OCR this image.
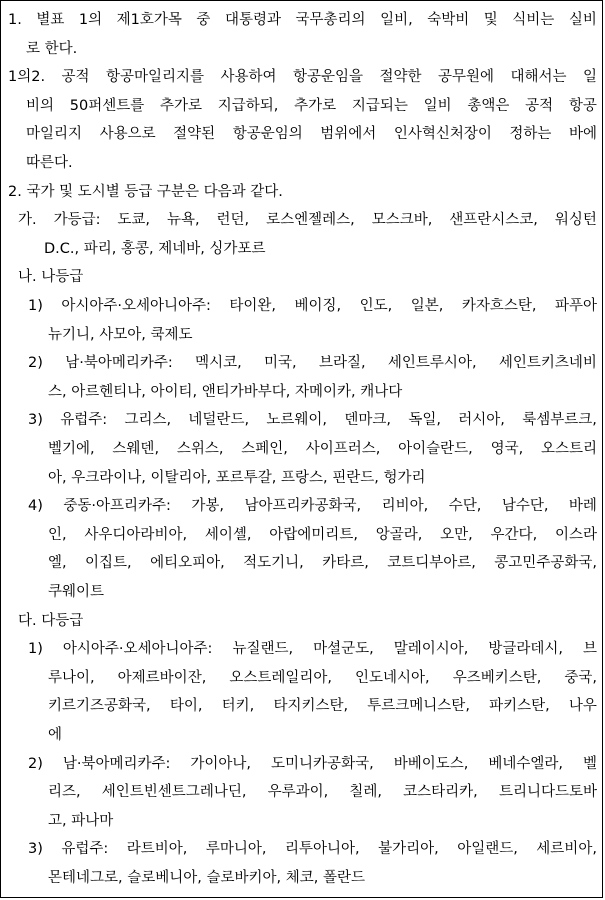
1. 별표 1의 제1호가목 중 대통령과 국무총리의 일비, 숙박비 및 식비는 실비
로 한다.
1의2. 공적 항공마일리지를 사용하여 항공운임을 절약한 공무원에 대해서는 일
비의 50퍼센트를 추가로 지급하되, 추가로 지급되는 일비 총액은 공적 항공
마일리지 사용으로 절약된 항공운임의 범위에서 인사혁신처장이 정하는 바에
따른다.
2. 국가 및 도시별 등급 구분은 다음과 같다.
가. 가등급: 도쿄, 뉴욕, 런던, 로스엔젤레스, 모스크바, 샌프란시스코, 워싱턴
D.C., 파리, 홍콩, 제네바, 싱가포르
나. 나등급
1) 아시아주·오세아니아주: 타이완, 베이징, 인도, 일본, 카자흐스탄, 파푸아
뉴기니, 사모아, 쿡제도
2) 남·북아메리카주: 멕시코, 미국, 브라질, 세인트루시아, 세인트키츠네비
스, 아르헨티나, 아이티, 앤티가바부다, 자메이카, 캐나다
3) 유럽주: 그리스, 네덜란드, 노르웨이, 덴마크, 독일, 러시아, 룩셈부르크,
벨기에, 스웨덴, 스위스, 스페인, 사이프러스, 아이슬란드, 영국, 오스트리
아, 우크라이나, 이탈리아, 포르투갈, 프랑스, 핀란드, 헝가리
4) 중동·아프리카주: 가봉, 남아프리카공화국, 리비아, 수단, 남수단, 바레
인, 사우디아라비아, 세이셸, 아랍에미리트, 앙골라, 오만, 우간다, 이스라
엘, 이집트, 에티오피아, 적도기니, 카타르, 코트디부아르, 콩고민주공화국,
쿠웨이트
다. 다등급
1) 아시아주·오세아니아주: 뉴질랜드, 마셜군도, 말레이시아, 방글라데시, 브
루나이, 아제르바이잔, 오스트레일리아, 인도네시아, 우즈베키스탄, 중국,
키르기즈공화국, 타이, 터키, 타지키스탄, 투르크메니스탄, 파키스탄, 나우
에
2) 남·북아메리카주: 가이아나, 도미니카공화국, 바베이도스, 베네수엘라, 벨
리즈, 세인트빈센트그레나딘, 우루과이, 칠레, 코스타리카, 트리니다드토바
고, 파나마
3) 유럽주: 라트비아, 루마니아, 리투아니아, 불가리아, 아일랜드, 세르비아,
몬테네그로, 슬로베니아, 슬로바키아, 체코, 폴란드
